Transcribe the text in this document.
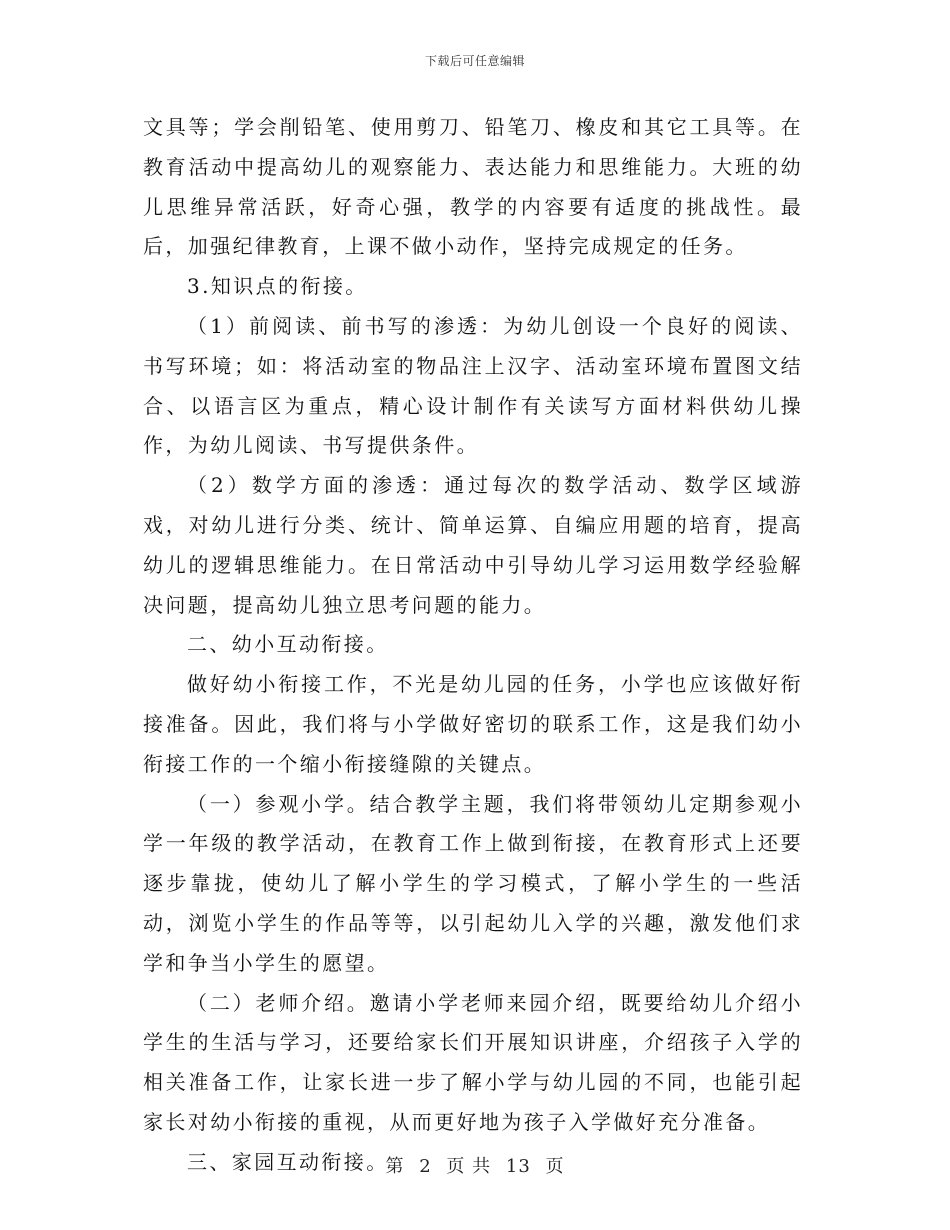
下载后可任意编辑

文具等；学会削铅笔、使用剪刀、铅笔刀、橡皮和其它工具等。在教育活动中提高幼儿的观察能力、表达能力和思维能力。大班的幼儿思维异常活跃，好奇心强，教学的内容要有适度的挑战性。最后，加强纪律教育，上课不做小动作，坚持完成规定的任务。

3.知识点的衔接。

（1）前阅读、前书写的渗透：为幼儿创设一个良好的阅读、书写环境；如：将活动室的物品注上汉字、活动室环境布置图文结合、以语言区为重点，精心设计制作有关读写方面材料供幼儿操作，为幼儿阅读、书写提供条件。

（2）数学方面的渗透：通过每次的数学活动、数学区域游戏，对幼儿进行分类、统计、简单运算、自编应用题的培育，提高幼儿的逻辑思维能力。在日常活动中引导幼儿学习运用数学经验解决问题，提高幼儿独立思考问题的能力。

二、幼小互动衔接。

做好幼小衔接工作，不光是幼儿园的任务，小学也应该做好衔接准备。因此，我们将与小学做好密切的联系工作，这是我们幼小衔接工作的一个缩小衔接缝隙的关键点。

（一）参观小学。结合教学主题，我们将带领幼儿定期参观小学一年级的教学活动，在教育工作上做到衔接，在教育形式上还要逐步靠拢，使幼儿了解小学生的学习模式，了解小学生的一些活动，浏览小学生的作品等等，以引起幼儿入学的兴趣，激发他们求学和争当小学生的愿望。

（二）老师介绍。邀请小学老师来园介绍，既要给幼儿介绍小学生的生活与学习，还要给家长们开展知识讲座，介绍孩子入学的相关准备工作，让家长进一步了解小学与幼儿园的不同，也能引起家长对幼小衔接的重视，从而更好地为孩子入学做好充分准备。

三、家园互动衔接。

第 2 页 共 13 页
